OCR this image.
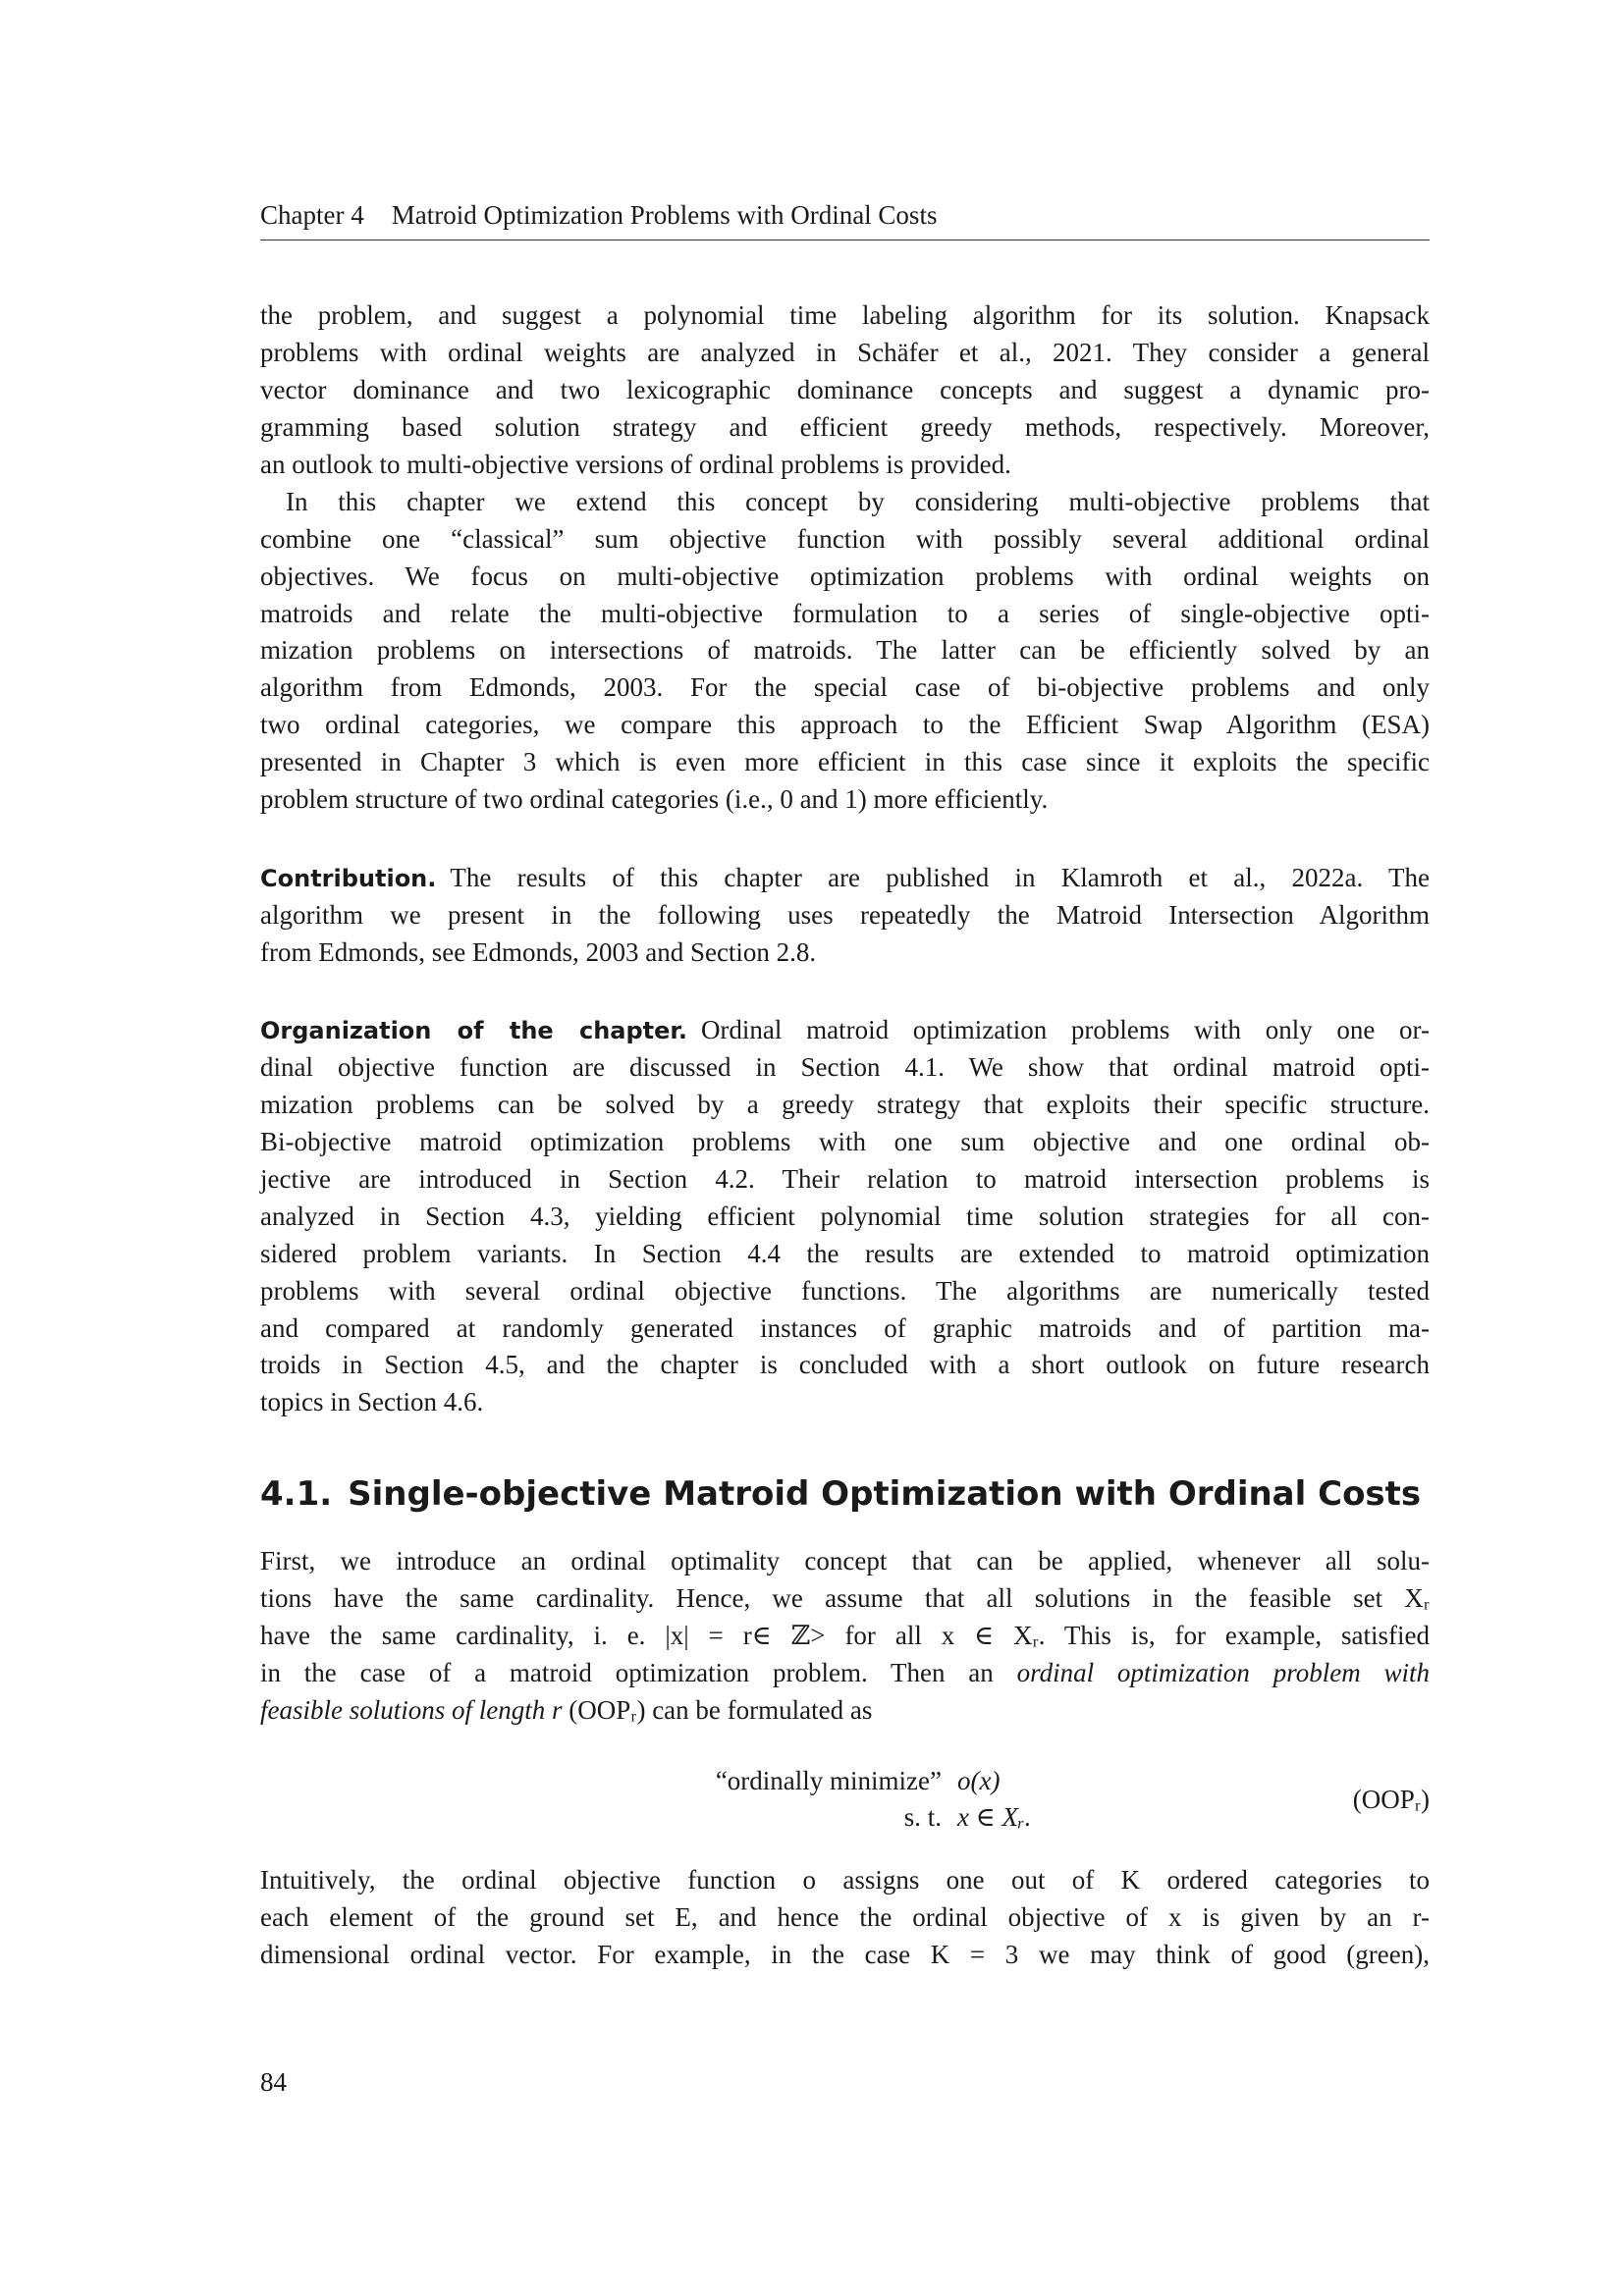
Chapter 4 Matroid Optimization Problems with Ordinal Costs
the problem, and suggest a polynomial time labeling algorithm for its solution. Knapsack
problems with ordinal weights are analyzed in Schäfer et al., 2021. They consider a general
vector dominance and two lexicographic dominance concepts and suggest a dynamic pro-
gramming based solution strategy and efficient greedy methods, respectively. Moreover,
an outlook to multi-objective versions of ordinal problems is provided.
In this chapter we extend this concept by considering multi-objective problems that
combine one “classical” sum objective function with possibly several additional ordinal
objectives. We focus on multi-objective optimization problems with ordinal weights on
matroids and relate the multi-objective formulation to a series of single-objective opti-
mization problems on intersections of matroids. The latter can be efficiently solved by an
algorithm from Edmonds, 2003. For the special case of bi-objective problems and only
two ordinal categories, we compare this approach to the Efficient Swap Algorithm (ESA)
presented in Chapter 3 which is even more efficient in this case since it exploits the specific
problem structure of two ordinal categories (i.e., 0 and 1) more efficiently.
Contribution. The results of this chapter are published in Klamroth et al., 2022a. The
algorithm we present in the following uses repeatedly the Matroid Intersection Algorithm
from Edmonds, see Edmonds, 2003 and Section 2.8.
Organization of the chapter. Ordinal matroid optimization problems with only one or-
dinal objective function are discussed in Section 4.1. We show that ordinal matroid opti-
mization problems can be solved by a greedy strategy that exploits their specific structure.
Bi-objective matroid optimization problems with one sum objective and one ordinal ob-
jective are introduced in Section 4.2. Their relation to matroid intersection problems is
analyzed in Section 4.3, yielding efficient polynomial time solution strategies for all con-
sidered problem variants. In Section 4.4 the results are extended to matroid optimization
problems with several ordinal objective functions. The algorithms are numerically tested
and compared at randomly generated instances of graphic matroids and of partition ma-
troids in Section 4.5, and the chapter is concluded with a short outlook on future research
topics in Section 4.6.
4.1. Single-objective Matroid Optimization with Ordinal Costs
First, we introduce an ordinal optimality concept that can be applied, whenever all solu-
tions have the same cardinality. Hence, we assume that all solutions in the feasible set Xᵣ
have the same cardinality, i. e. |x| = r∈ ℤ> for all x ∈ Xᵣ. This is, for example, satisfied
in the case of a matroid optimization problem. Then an ordinal optimization problem with
feasible solutions of length r (OOPᵣ) can be formulated as
“ordinally minimize” o(x)
s. t. x ∈ Xᵣ.
(OOPᵣ)
Intuitively, the ordinal objective function o assigns one out of K ordered categories to
each element of the ground set E, and hence the ordinal objective of x is given by an r-
dimensional ordinal vector. For example, in the case K = 3 we may think of good (green),
84
